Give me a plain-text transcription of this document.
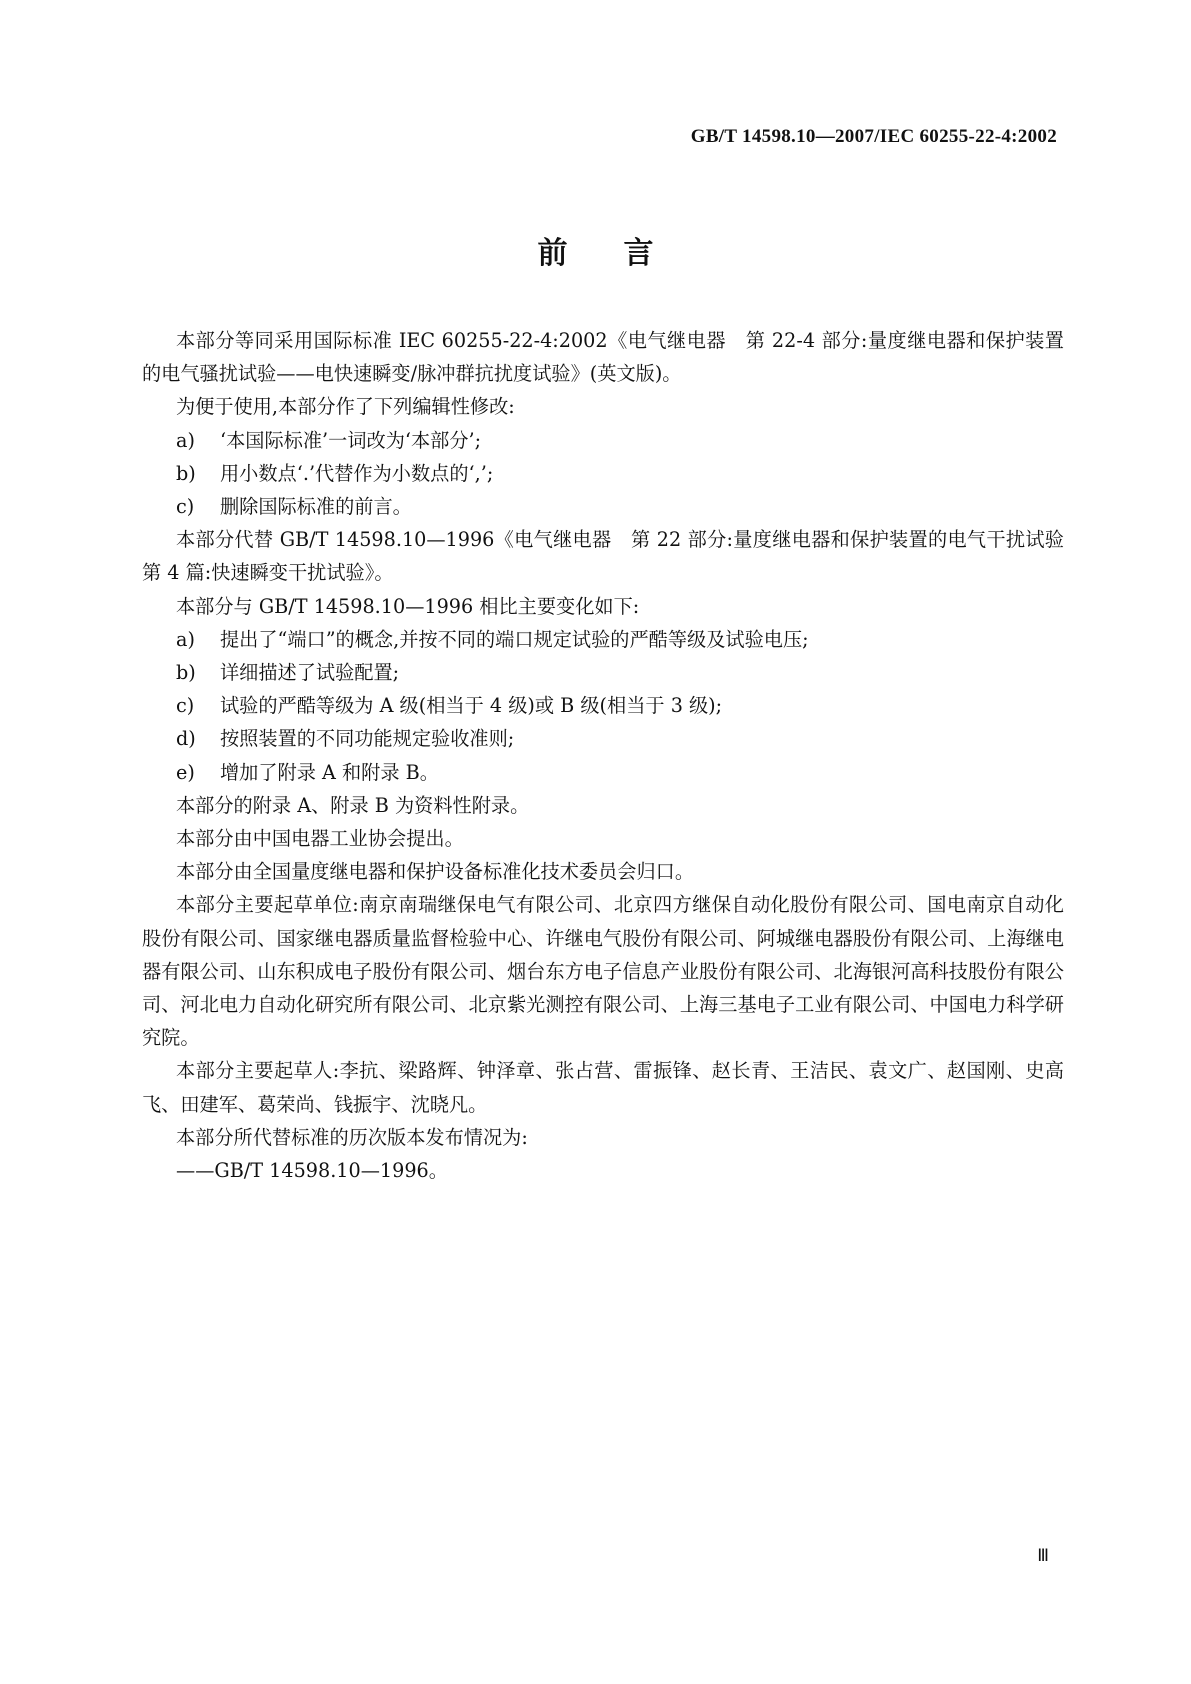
GB/T 14598.10—2007/IEC 60255-22-4:2002
前言

本部分等同采用国际标准 IEC 60255-22-4:2002《电气继电器　第 22-4 部分:量度继电器和保护装置的电气骚扰试验——电快速瞬变/脉冲群抗扰度试验》(英文版)。

为便于使用,本部分作了下列编辑性修改:

a) ‘本国际标准’一词改为‘本部分’;

b) 用小数点‘.’代替作为小数点的‘,’;

c) 删除国际标准的前言。

本部分代替 GB/T 14598.10—1996《电气继电器　第 22 部分:量度继电器和保护装置的电气干扰试验　第 4 篇:快速瞬变干扰试验》。

本部分与 GB/T 14598.10—1996 相比主要变化如下:

a) 提出了“端口”的概念,并按不同的端口规定试验的严酷等级及试验电压;

b) 详细描述了试验配置;

c) 试验的严酷等级为 A 级(相当于 4 级)或 B 级(相当于 3 级);

d) 按照装置的不同功能规定验收准则;

e) 增加了附录 A 和附录 B。

本部分的附录 A、附录 B 为资料性附录。

本部分由中国电器工业协会提出。

本部分由全国量度继电器和保护设备标准化技术委员会归口。

本部分主要起草单位:南京南瑞继保电气有限公司、北京四方继保自动化股份有限公司、国电南京自动化股份有限公司、国家继电器质量监督检验中心、许继电气股份有限公司、阿城继电器股份有限公司、上海继电器有限公司、山东积成电子股份有限公司、烟台东方电子信息产业股份有限公司、北海银河高科技股份有限公司、河北电力自动化研究所有限公司、北京紫光测控有限公司、上海三基电子工业有限公司、中国电力科学研究院。

本部分主要起草人:李抗、梁路辉、钟泽章、张占营、雷振锋、赵长青、王洁民、袁文广、赵国刚、史高飞、田建军、葛荣尚、钱振宇、沈晓凡。

本部分所代替标准的历次版本发布情况为:

——GB/T 14598.10—1996。

Ⅲ
